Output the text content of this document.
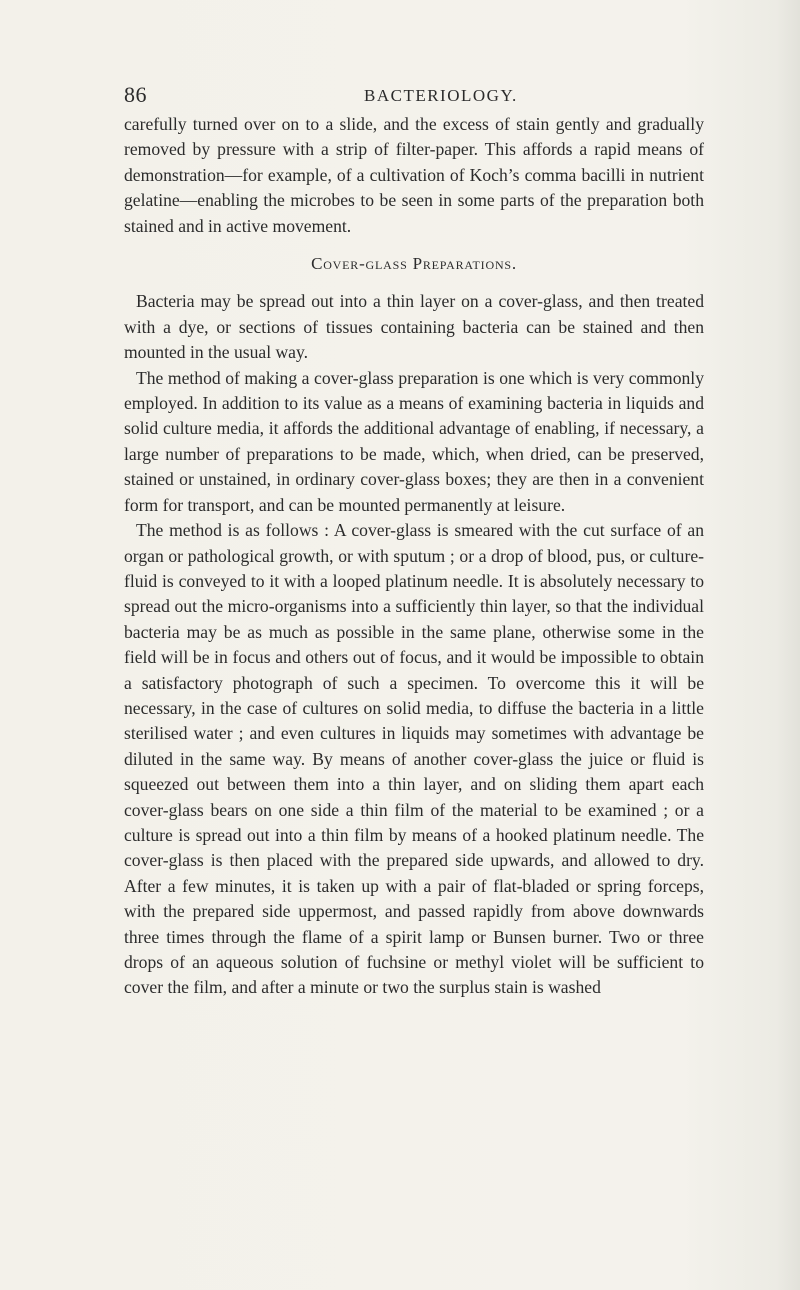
86	BACTERIOLOGY.

carefully turned over on to a slide, and the excess of stain gently and gradually removed by pressure with a strip of filter-paper. This affords a rapid means of demonstration—for example, of a cultivation of Koch’s comma bacilli in nutrient gelatine—enabling the microbes to be seen in some parts of the preparation both stained and in active movement.

Cover-glass Preparations.

Bacteria may be spread out into a thin layer on a cover-glass, and then treated with a dye, or sections of tissues containing bacteria can be stained and then mounted in the usual way.

The method of making a cover-glass preparation is one which is very commonly employed. In addition to its value as a means of examining bacteria in liquids and solid culture media, it affords the additional advantage of enabling, if necessary, a large number of preparations to be made, which, when dried, can be preserved, stained or unstained, in ordinary cover-glass boxes; they are then in a convenient form for transport, and can be mounted permanently at leisure.

The method is as follows : A cover-glass is smeared with the cut surface of an organ or pathological growth, or with sputum ; or a drop of blood, pus, or culture-fluid is conveyed to it with a looped platinum needle. It is absolutely necessary to spread out the micro-organisms into a sufficiently thin layer, so that the individual bacteria may be as much as possible in the same plane, otherwise some in the field will be in focus and others out of focus, and it would be impossible to obtain a satisfactory photograph of such a specimen. To overcome this it will be necessary, in the case of cultures on solid media, to diffuse the bacteria in a little sterilised water ; and even cultures in liquids may sometimes with advantage be diluted in the same way. By means of another cover-glass the juice or fluid is squeezed out between them into a thin layer, and on sliding them apart each cover-glass bears on one side a thin film of the material to be examined ; or a culture is spread out into a thin film by means of a hooked platinum needle. The cover-glass is then placed with the prepared side upwards, and allowed to dry. After a few minutes, it is taken up with a pair of flat-bladed or spring forceps, with the prepared side uppermost, and passed rapidly from above downwards three times through the flame of a spirit lamp or Bunsen burner. Two or three drops of an aqueous solution of fuchsine or methyl violet will be sufficient to cover the film, and after a minute or two the surplus stain is washed
